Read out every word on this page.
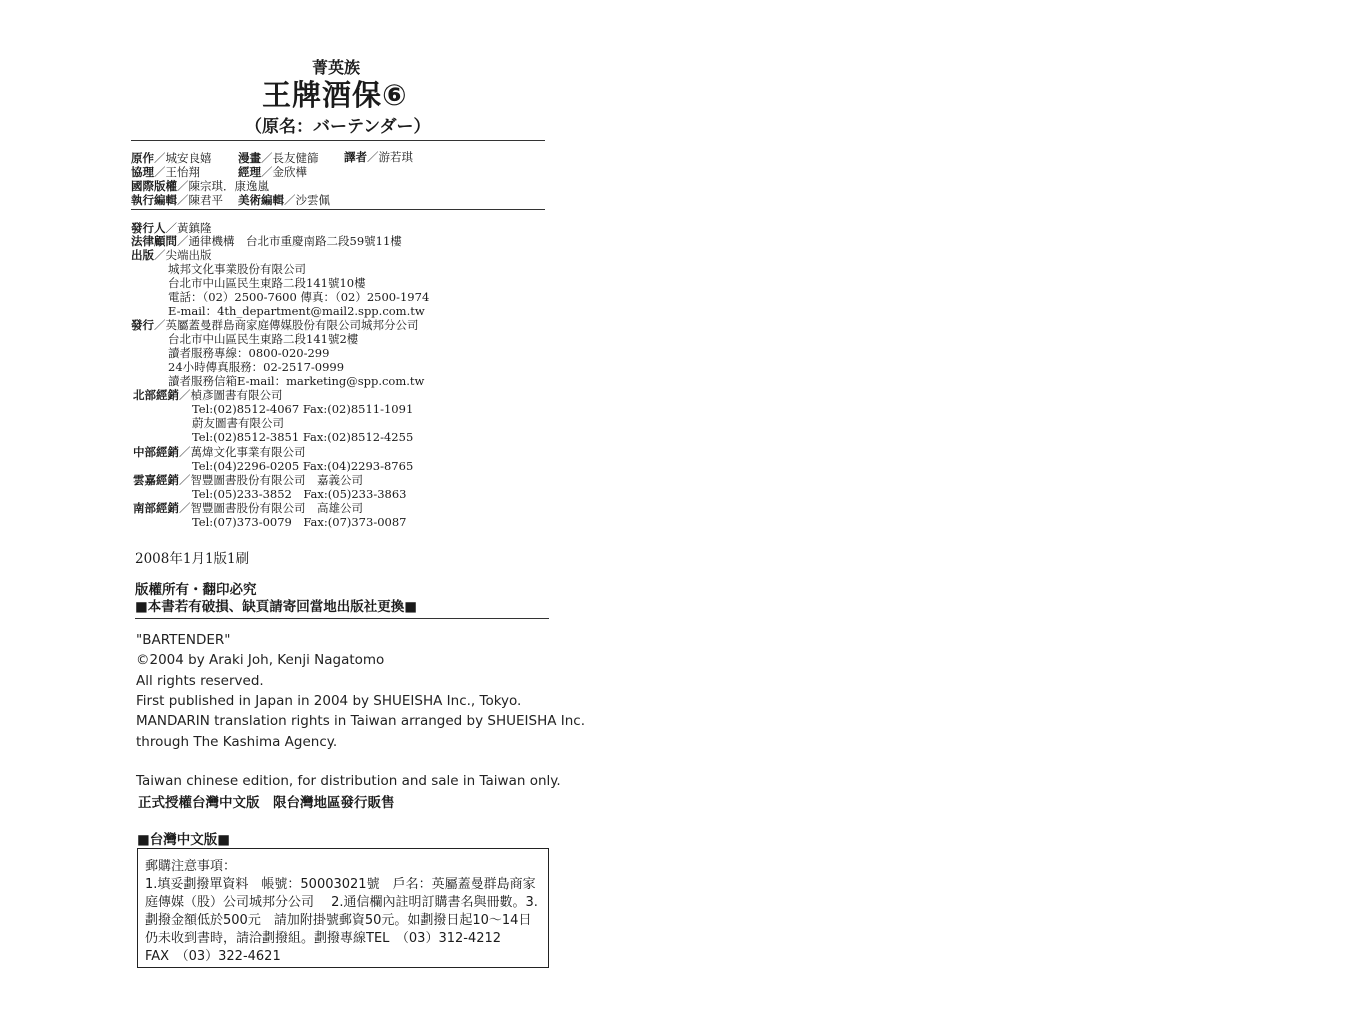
菁英族
王牌酒保⑥
（原名：バーテンダー）
原作／城安良嬉 漫畫／長友健篩 譯者／游若琪
協理／王怡翔	經理／金欣樺
國際版權／陳宗琪．康逸嵐
執行編輯／陳君平 美術編輯／沙雲佩
發行人／黃鎮隆
法律顧問／通律機構　台北市重慶南路二段59號11樓
出版／尖端出版
城邦文化事業股份有限公司
台北市中山區民生東路二段141號10樓
電話：（02）2500-7600 傳真：（02）2500-1974
E-mail：4th_department@mail2.spp.com.tw
發行／英屬蓋曼群島商家庭傳媒股份有限公司城邦分公司
台北市中山區民生東路二段141號2樓
讀者服務專線：0800-020-299
24小時傳真服務：02-2517-0999
讀者服務信箱E-mail：marketing@spp.com.tw
北部經銷／楨彥圖書有限公司
Tel:(02)8512-4067 Fax:(02)8511-1091
蔚友圖書有限公司
Tel:(02)8512-3851 Fax:(02)8512-4255
中部經銷／萬煒文化事業有限公司
Tel:(04)2296-0205 Fax:(04)2293-8765
雲嘉經銷／智豐圖書股份有限公司　嘉義公司
Tel:(05)233-3852　Fax:(05)233-3863
南部經銷／智豐圖書股份有限公司　高雄公司
Tel:(07)373-0079　Fax:(07)373-0087
2008年1月1版1刷
版權所有・翻印必究
■本書若有破損、缺頁請寄回當地出版社更換■
"BARTENDER"
©2004 by Araki Joh, Kenji Nagatomo
All rights reserved.
First published in Japan in 2004 by SHUEISHA Inc., Tokyo.
MANDARIN translation rights in Taiwan arranged by SHUEISHA Inc.
through The Kashima Agency.
Taiwan chinese edition, for distribution and sale in Taiwan only.
正式授權台灣中文版　限台灣地區發行販售
■台灣中文版■

郵購注意事項：

1.填妥劃撥單資料　帳號：50003021號　戶名：英屬蓋曼群島商家庭傳媒（股）公司城邦分公司　 2.通信欄內註明訂購書名與冊數。3.劃撥金額低於500元　請加附掛號郵資50元。如劃撥日起10～14日　仍未收到書時，請洽劃撥組。劃撥專線TEL　（03）312-4212　 FAX　（03）322-4621
